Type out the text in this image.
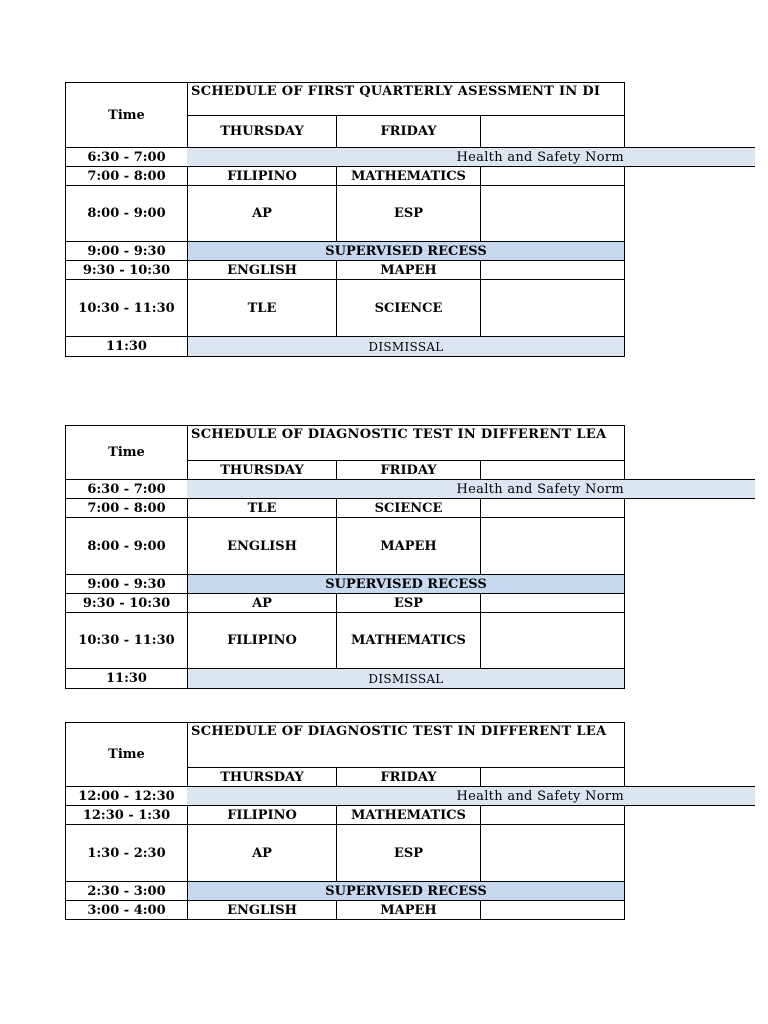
Time
SCHEDULE OF FIRST QUARTERLY ASESSMENT IN DI
THURSDAY	FRIDAY
6:30 - 7:00	Health and Safety Norm
7:00 - 8:00	FILIPINO	MATHEMATICS
8:00 - 9:00	AP	ESP
9:00 - 9:30	SUPERVISED RECESS
9:30 - 10:30	ENGLISH	MAPEH
10:30 - 11:30	TLE	SCIENCE
11:30	DISMISSAL
Time
SCHEDULE OF DIAGNOSTIC TEST IN DIFFERENT LEA
THURSDAY	FRIDAY
6:30 - 7:00	Health and Safety Norm
7:00 - 8:00	TLE	SCIENCE
8:00 - 9:00	ENGLISH	MAPEH
9:00 - 9:30	SUPERVISED RECESS
9:30 - 10:30	AP	ESP
10:30 - 11:30	FILIPINO	MATHEMATICS
11:30	DISMISSAL
Time
SCHEDULE OF DIAGNOSTIC TEST IN DIFFERENT LEA
THURSDAY	FRIDAY
12:00 - 12:30	Health and Safety Norm
12:30 - 1:30	FILIPINO	MATHEMATICS
1:30 - 2:30	AP	ESP
2:30 - 3:00	SUPERVISED RECESS
3:00 - 4:00	ENGLISH	MAPEH
